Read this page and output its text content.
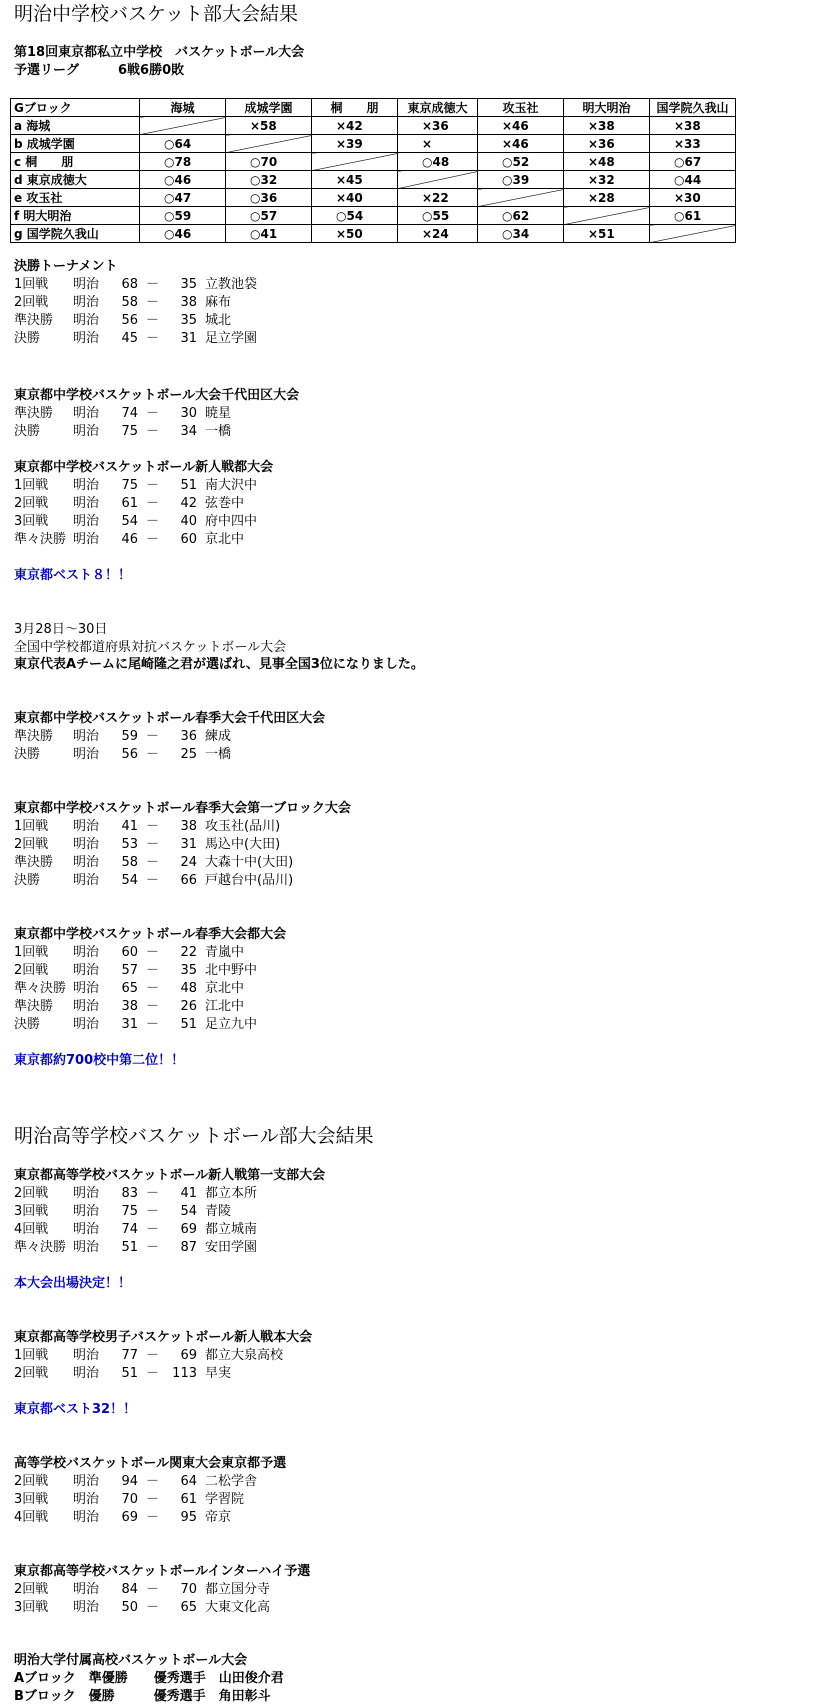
明治中学校バスケット部大会結果
第18回東京都私立中学校　バスケットボール大会
予選リーグ　　　6戦6勝0敗
Gブロック	海城	成城学園	桐　　朋	東京成徳大	攻玉社	明大明治	国学院久我山
a 海城		×58	×42	×36	×46	×38	×38
b 成城学園	○64		×39	×	×46	×36	×33
c 桐　　朋	○78	○70		○48	○52	×48	○67
d 東京成徳大	○46	○32	×45		○39	×32	○44
e 攻玉社	○47	○36	×40	×22		×28	×30
f 明大明治	○59	○57	○54	○55	○62		○61
g 国学院久我山	○46	○41	×50	×24	○34	×51	
決勝トーナメント
1回戦 明治	68 －	35 立教池袋
2回戦 明治	58 －	38 麻布
準決勝 明治	56 －	35 城北
決勝	明治	45 －	31 足立学園
東京都中学校バスケットボール大会千代田区大会
準決勝 明治	74 －	30 暁星
決勝	明治	75 －	34 一橋
東京都中学校バスケットボール新人戦都大会
1回戦 明治	75 －	51 南大沢中
2回戦 明治	61 －	42 弦巻中
3回戦 明治	54 －	40 府中四中
準々決勝 明治	46 －	60 京北中
東京都ベスト８！！
3月28日～30日
全国中学校都道府県対抗バスケットボール大会
東京代表Aチームに尾崎隆之君が選ばれ、見事全国3位になりました。
東京都中学校バスケットボール春季大会千代田区大会
準決勝 明治	59 －	36 練成
決勝	明治	56 －	25 一橋
東京都中学校バスケットボール春季大会第一ブロック大会
1回戦 明治	41 －	38 攻玉社(品川)
2回戦 明治	53 －	31 馬込中(大田)
準決勝 明治	58 －	24 大森十中(大田)
決勝	明治	54 －	66 戸越台中(品川)
東京都中学校バスケットボール春季大会都大会
1回戦 明治	60 －	22 青嵐中
2回戦 明治	57 －	35 北中野中
準々決勝 明治	65 －	48 京北中
準決勝 明治	38 －	26 江北中
決勝	明治	31 －	51 足立九中
東京都約700校中第二位！！
明治高等学校バスケットボール部大会結果
東京都高等学校バスケットボール新人戦第一支部大会
2回戦 明治	83 －	41 都立本所
3回戦 明治	75 －	54 青陵
4回戦 明治	74 －	69 都立城南
準々決勝 明治	51 －	87 安田学園
本大会出場決定！！
東京都高等学校男子バスケットボール新人戦本大会
1回戦 明治	77 －	69 都立大泉高校
2回戦 明治	51 － 113 早実
東京都ベスト32！！
高等学校バスケットボール関東大会東京都予選
2回戦 明治	94 －	64 二松学舎
3回戦 明治	70 －	61 学習院
4回戦 明治	69 －	95 帝京
東京都高等学校バスケットボールインターハイ予選
2回戦 明治	84 －	70 都立国分寺
3回戦 明治	50 －	65 大東文化高
明治大学付属高校バスケットボール大会
Aブロック　準優勝　　優秀選手　山田俊介君
Bブロック　優勝　　　優秀選手　角田彰斗
